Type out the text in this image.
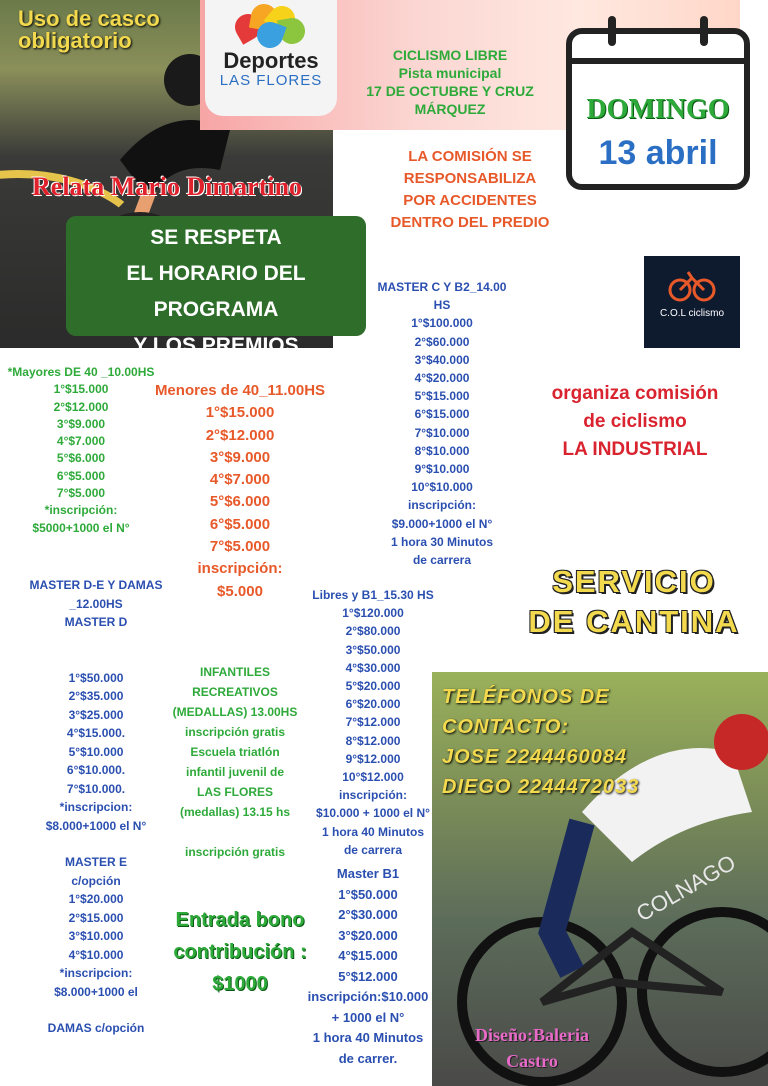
Uso de casco
obligatorio
Deportes
LAS FLORES
CICLISMO LIBRE
Pista municipal
17 DE OCTUBRE Y CRUZ MÁRQUEZ	DOMINGO
13 abril
Relata Mario Dimartino
SE RESPETA
EL HORARIO DEL PROGRAMA
Y LOS PREMIOS
LA COMISIÓN SE
RESPONSABILIZA
POR ACCIDENTES
DENTRO DEL PREDIO
C.O.L ciclismo
MASTER C Y B2_14.00 HS
1°$100.000
2°$60.000
3°$40.000
4°$20.000
5°$15.000
6°$15.000
7°$10.000
8°$10.000
9°$10.000
10°$10.000
inscripción:
$9.000+1000 el N°
1 hora 30 Minutos
de carrera
organiza comisión
de ciclismo
LA INDUSTRIAL
*Mayores DE 40 _10.00HS
1°$15.000
2°$12.000
3°$9.000
4°$7.000
5°$6.000
6°$5.000
7°$5.000
*inscripción:
$5000+1000 el N°
Menores de 40_11.00HS
1°$15.000
2°$12.000
3°$9.000
4°$7.000
5°$6.000
6°$5.000
7°$5.000
inscripción:
$5.000	SERVICIO
DE CANTINA
MASTER D-E Y DAMAS
_12.00HS
MASTER D
1°$50.000
2°$35.000
3°$25.000
4°$15.000.
5°$10.000
6°$10.000.
7°$10.000.
*inscripcion:
$8.000+1000 el N°
MASTER E
c/opción
1°$20.000
2°$15.000
3°$10.000
4°$10.000
*inscripcion:
$8.000+1000 el
DAMAS c/opción
INFANTILES RECREATIVOS
(MEDALLAS) 13.00HS
inscripción gratis
Escuela triatlón
infantil juvenil de
LAS FLORES
(medallas) 13.15 hs
inscripción gratis
Entrada bono
contribución :
$1000
Libres y B1_15.30 HS
1°$120.000
2°$80.000
3°$50.000
4°$30.000
5°$20.000
6°$20.000
7°$12.000
8°$12.000
9°$12.000
10°$12.000
inscripción:
$10.000 + 1000 el N°
1 hora 40 Minutos
de carrera
Master B1
1°$50.000
2°$30.000
3°$20.000
4°$15.000
5°$12.000
inscripción:$10.000
+ 1000 el N°
1 hora 40 Minutos
de carrer.
COLNAGO
TELÉFONOS DE
CONTACTO:
JOSE 2244460084
DIEGO 2244472033
Diseño:Baleria
Castro
